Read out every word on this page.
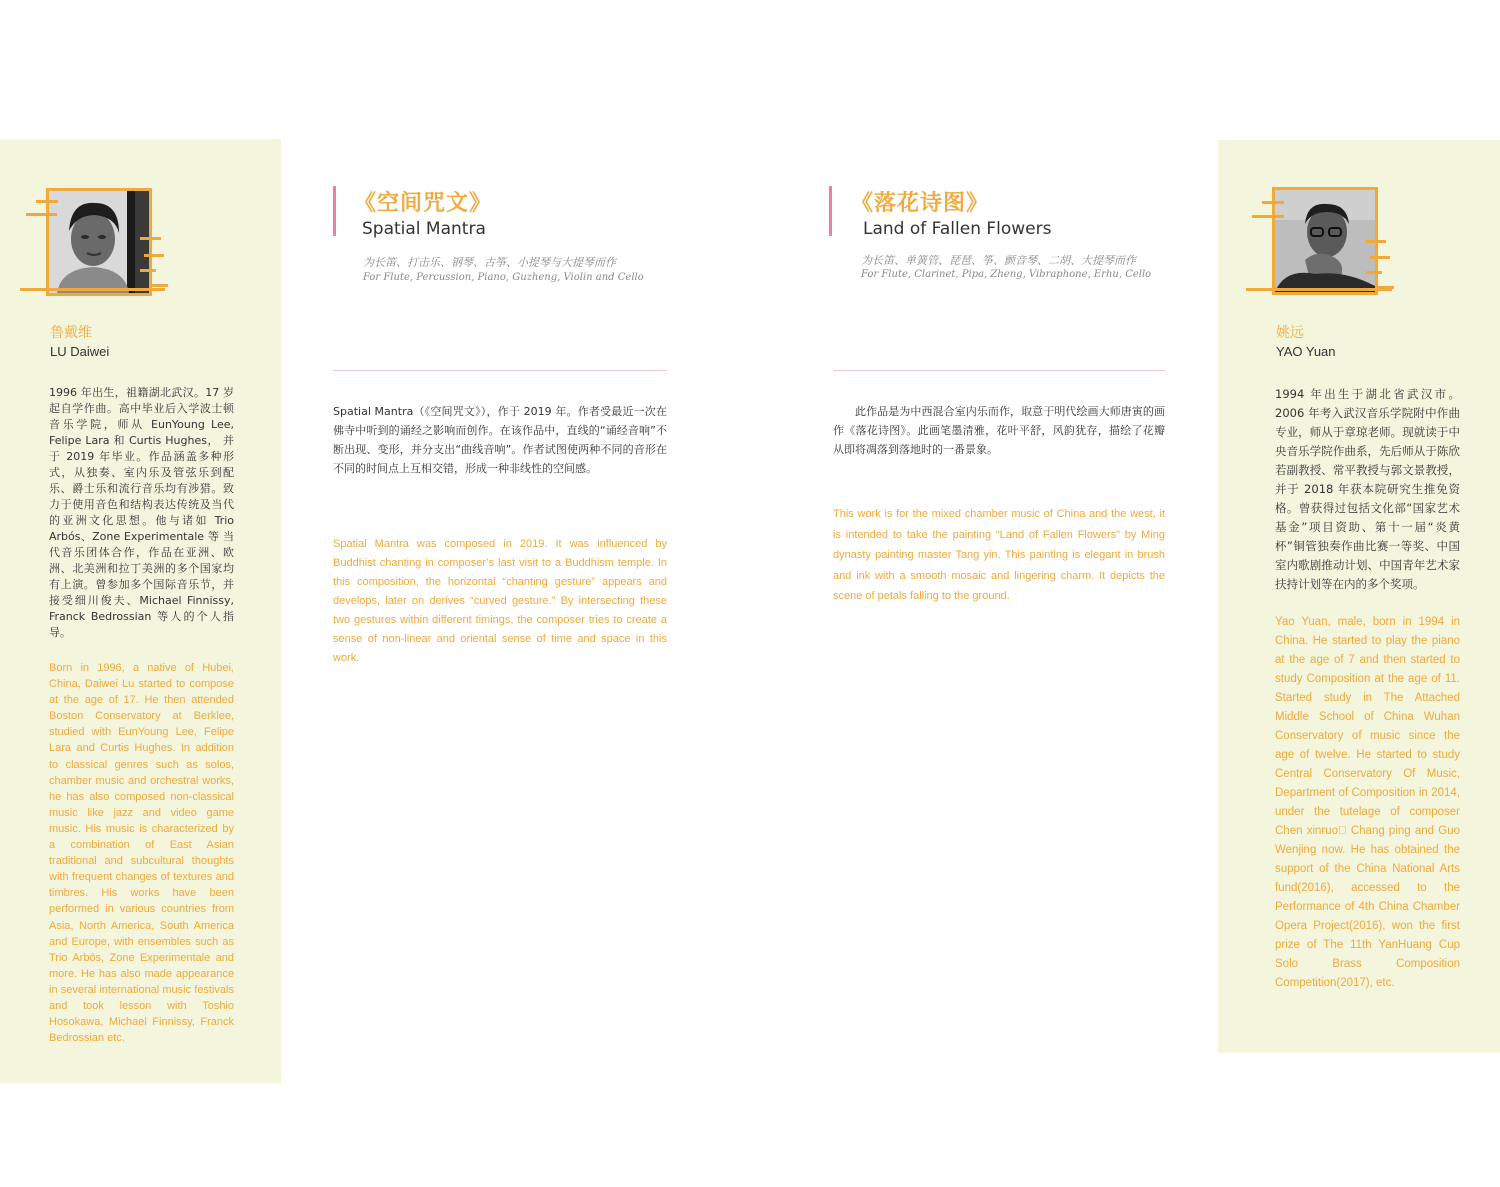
鲁戴维
LU Daiwei
1996 年出生，祖籍湖北武汉。17 岁起自学作曲。高中毕业后入学波士顿音乐学院，师从 EunYoung Lee, Felipe Lara 和 Curtis Hughes， 并于 2019 年毕业。作品涵盖多种形式，从独奏、室内乐及管弦乐到配乐、爵士乐和流行音乐均有涉猎。致力于使用音色和结构表达传统及当代的亚洲文化思想。他与诸如 Trio Arbós、Zone Experimentale 等 当代音乐团体合作，作品在亚洲、欧洲、北美洲和拉丁美洲的多个国家均有上演。曾参加多个国际音乐节，并接受细川俊夫、Michael Finnissy, Franck Bedrossian 等人的个人指导。
Born in 1996, a native of Hubei, China, Daiwei Lu started to compose at the age of 17. He then attended Boston Conservatory at Berklee, studied with EunYoung Lee, Felipe Lara and Curtis Hughes. In addition to classical genres such as solos, chamber music and orchestral works, he has also composed non-classical music like jazz and video game music. His music is characterized by a combination of East Asian traditional and subcultural thoughts with frequent changes of textures and timbres. His works have been performed in various countries from Asia, North America, South America and Europe, with ensembles such as Trio Arbós, Zone Experimentale and more. He has also made appearance in several international music festivals and took lesson with Toshio Hosokawa, Michael Finnissy, Franck Bedrossian etc.
姚远
YAO Yuan
1994 年出生于湖北省武汉市。2006 年考入武汉音乐学院附中作曲专业，师从于章琼老师。现就读于中央音乐学院作曲系，先后师从于陈欣若副教授、常平教授与郭文景教授，并于 2018 年获本院研究生推免资格。曾获得过包括文化部“国家艺术基金”项目资助、第十一届“炎黄杯”铜管独奏作曲比赛一等奖、中国室内歌剧推动计划、中国青年艺术家扶持计划等在内的多个奖项。
Yao Yuan, male, born in 1994 in China. He started to play the piano at the age of 7 and then started to study Composition at the age of 11. Started study in The Attached Middle School of China Wuhan Conservatory of music since the age of twelve. He started to study Central Conservatory Of Music, Department of Composition in 2014, under the tutelage of composer Chen xinruo  Chang ping and Guo Wenjing now. He has obtained the support of the China National Arts fund(2016), accessed to the Performance of 4th China Chamber Opera Project(2016), won the first prize of The 11th YanHuang Cup Solo Brass Composition Competition(2017), etc.
《空间咒文》
Spatial Mantra
为长笛、打击乐、钢琴、古筝、小提琴与大提琴而作
For Flute, Percussion, Piano, Guzheng, Violin and Cello
Spatial Mantra（《空间咒文》），作于 2019 年。作者受最近一次在佛寺中听到的诵经之影响而创作。在该作品中，直线的“诵经音响”不断出现、变形，并分支出“曲线音响”。作者试图使两种不同的音形在不同的时间点上互相交错，形成一种非线性的空间感。
Spatial Mantra was composed in 2019. It was influenced by Buddhist chanting in composer’s last visit to a Buddhism temple. In this composition, the horizontal “chanting gesture” appears and develops, later on derives “curved gesture.” By intersecting these two gestures within different timings, the composer tries to create a sense of non-linear and oriental sense of time and space in this work.
《落花诗图》
Land of Fallen Flowers
为长笛、单簧管、琵琶、筝、颤音琴、二胡、大提琴而作
For Flute, Clarinet, Pipa, Zheng, Vibraphone, Erhu, Cello
此作品是为中西混合室内乐而作，取意于明代绘画大师唐寅的画作《落花诗图》。此画笔墨清雅，花叶平舒，风韵犹存，描绘了花瓣从即将凋落到落地时的一番景象。
This work is for the mixed chamber music of China and the west, it is intended to take the painting “Land of Fallen Flowers” by Ming dynasty painting master Tang yin. This painting is elegant in brush and ink with a smooth mosaic and lingering charm. It depicts the scene of petals falling to the ground.
